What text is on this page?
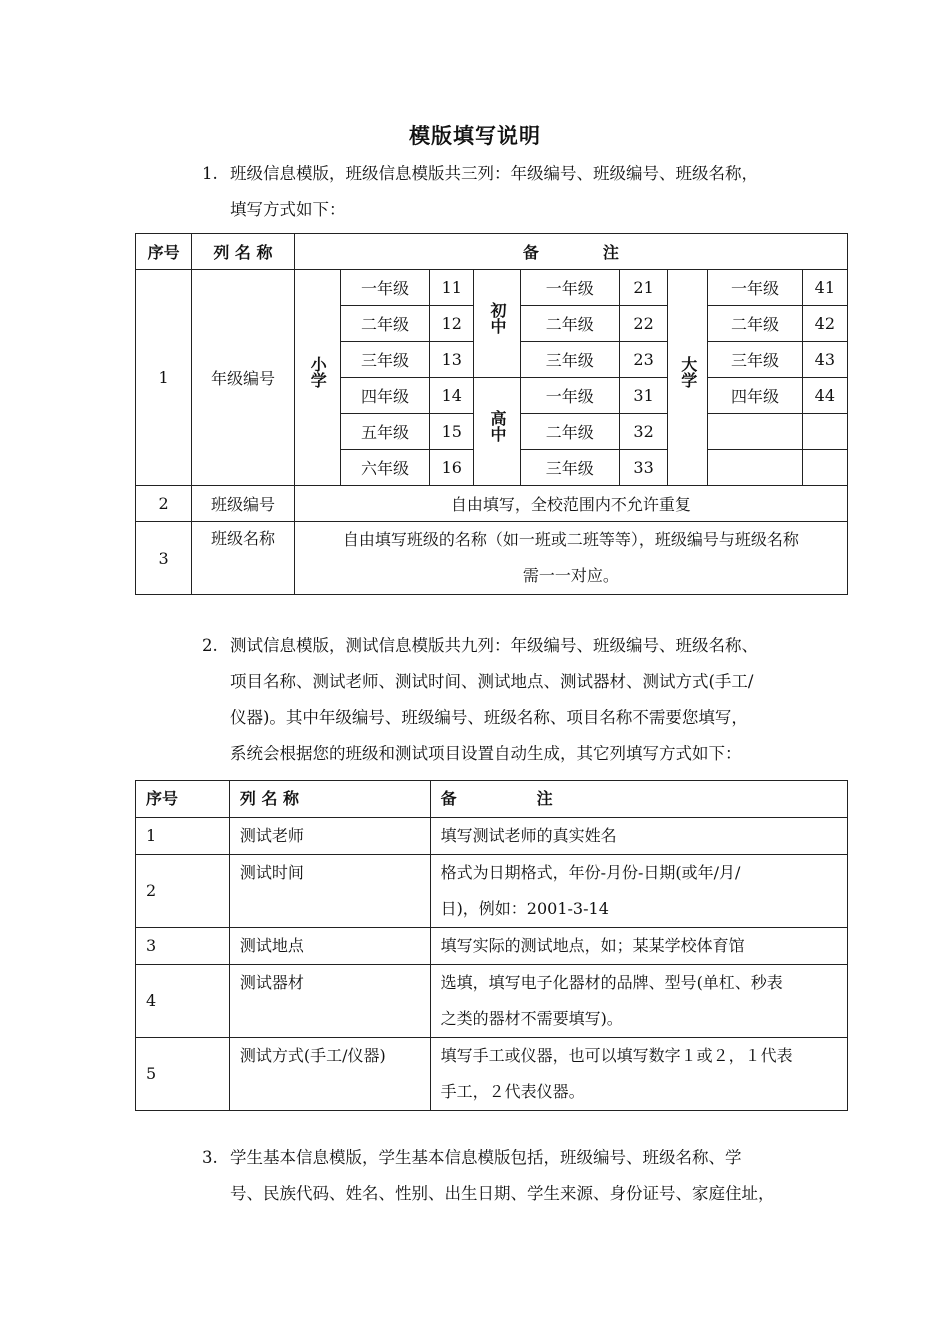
模版填写说明
1. 班级信息模版，班级信息模版共三列：年级编号、班级编号、班级名称，
填写方式如下：
序号	列 名 称	备　　　　注								
1	年级编号	小学	一年级	11	初中	一年级	21	大学	一年级	41
			二年级	12		二年级	22		二年级	42
			三年级	13		三年级	23		三年级	43
			四年级	14	高中	一年级	31		四年级	44
			五年级	15		二年级	32			
			六年级	16		三年级	33			
2	班级编号	自由填写，全校范围内不允许重复								
3	班级名称	自由填写班级的名称（如一班或二班等等），班级编号与班级名称
需一一对应。								
2. 测试信息模版，测试信息模版共九列：年级编号、班级编号、班级名称、
项目名称、测试老师、测试时间、测试地点、测试器材、测试方式(手工/
仪器)。其中年级编号、班级编号、班级名称、项目名称不需要您填写，
系统会根据您的班级和测试项目设置自动生成，其它列填写方式如下：
序号	列 名 称	备　　　　　注
1	测试老师	填写测试老师的真实姓名
2	测试时间	格式为日期格式，年份-月份-日期(或年/月/
日)，例如：2001-3-14

3	测试地点	填写实际的测试地点，如；某某学校体育馆
4	测试器材	选填，填写电子化器材的品牌、型号(单杠、秒表
之类的器材不需要填写)。

5	测试方式(手工/仪器)	填写手工或仪器，也可以填写数字１或２，１代表
手工，２代表仪器。
3. 学生基本信息模版，学生基本信息模版包括，班级编号、班级名称、学
号、民族代码、姓名、性别、出生日期、学生来源、身份证号、家庭住址，
